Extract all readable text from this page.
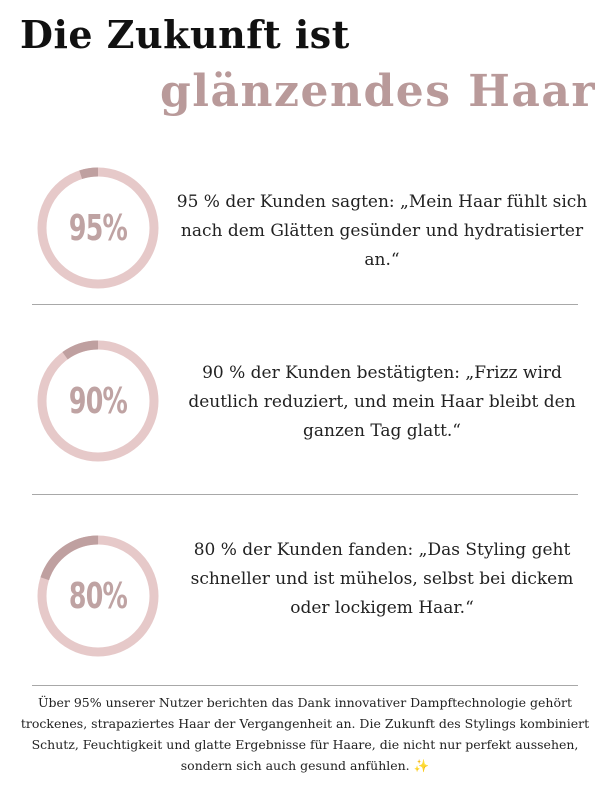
Die Zukunft ist
glänzendes Haar
95%
95 % der Kunden sagten: „Mein Haar fühlt sich nach dem Glätten gesünder und hydratisierter an.“
90%
90 % der Kunden bestätigten: „Frizz wird deutlich reduziert, und mein Haar bleibt den ganzen Tag glatt.“
80%
80 % der Kunden fanden: „Das Styling geht schneller und ist mühelos, selbst bei dickem oder lockigem Haar.“
Über 95% unserer Nutzer berichten das Dank innovativer Dampftechnologie gehört trockenes, strapaziertes Haar der Vergangenheit an. Die Zukunft des Stylings kombiniert Schutz, Feuchtigkeit und glatte Ergebnisse für Haare, die nicht nur perfekt aussehen, sondern sich auch gesund anfühlen. ✨
